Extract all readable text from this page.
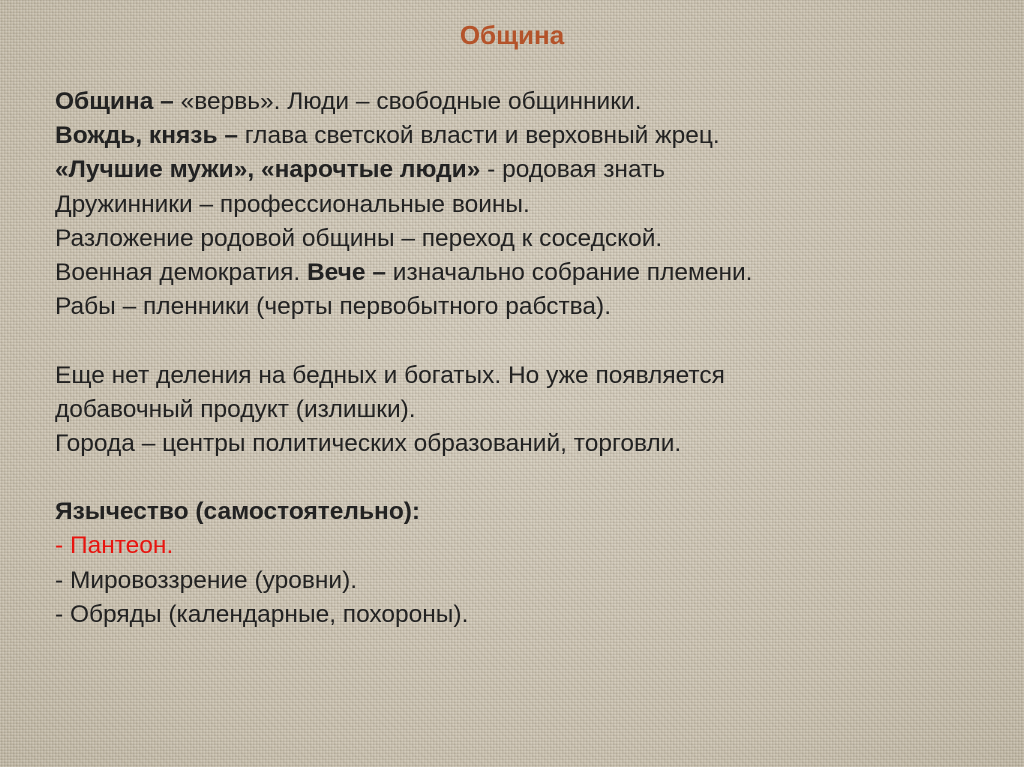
Община
Община – «вервь». Люди – свободные общинники.
Вождь, князь – глава светской власти и верховный жрец.
«Лучшие мужи», «нарочтые люди» - родовая знать
Дружинники – профессиональные воины.
Разложение родовой общины – переход к соседской.
Военная демократия. Вече – изначально собрание племени.
Рабы – пленники (черты первобытного рабства).
Еще нет деления на бедных и богатых. Но уже появляется
добавочный продукт (излишки).
Города – центры политических образований, торговли.
Язычество (самостоятельно):
- Пантеон.
- Мировоззрение (уровни).
- Обряды (календарные, похороны).
